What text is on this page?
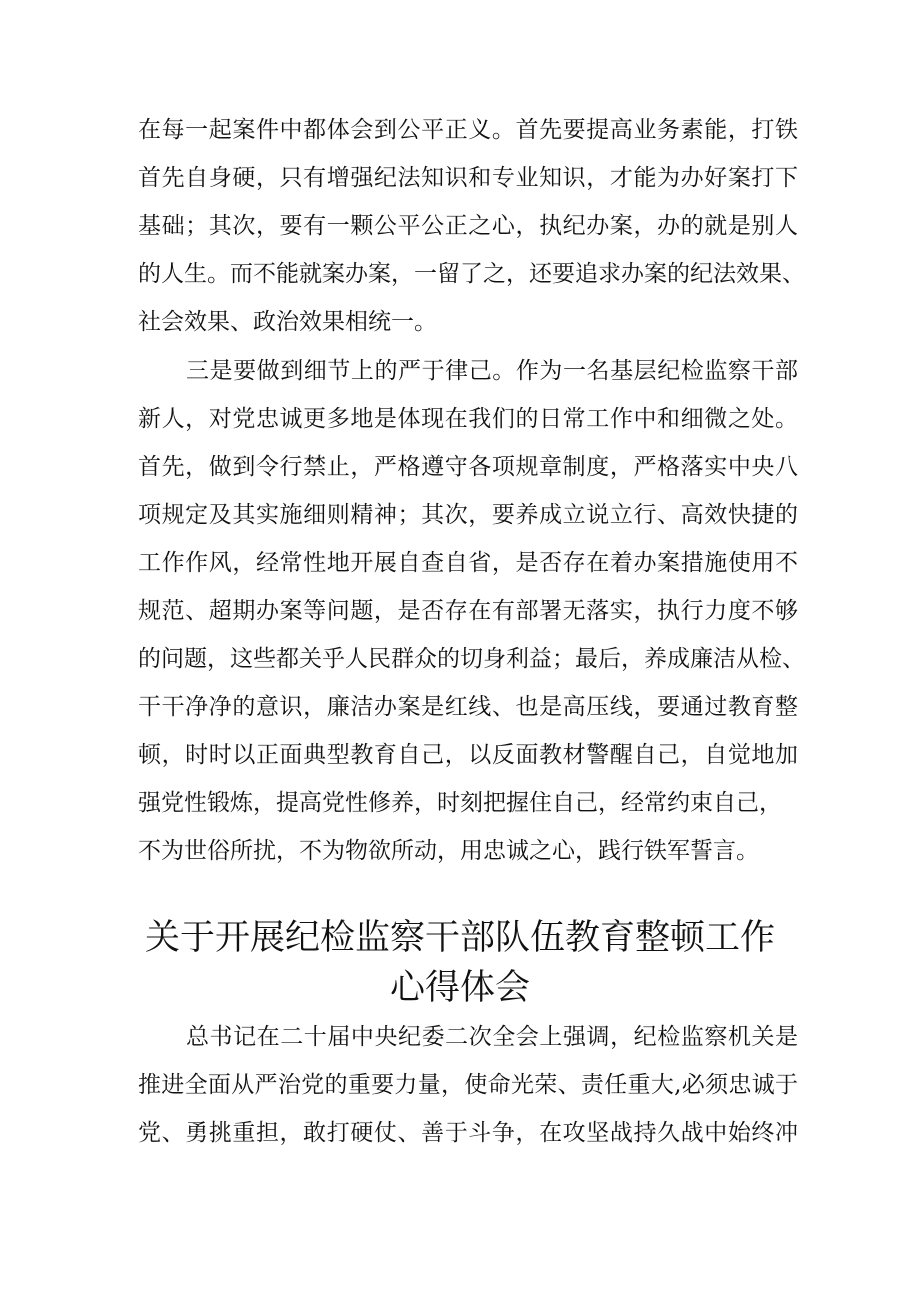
在每一起案件中都体会到公平正义。首先要提高业务素能，打铁
首先自身硬，只有增强纪法知识和专业知识，才能为办好案打下
基础；其次，要有一颗公平公正之心，执纪办案，办的就是别人
的人生。而不能就案办案，一留了之，还要追求办案的纪法效果、
社会效果、政治效果相统一。
三是要做到细节上的严于律己。作为一名基层纪检监察干部
新人，对党忠诚更多地是体现在我们的日常工作中和细微之处。
首先，做到令行禁止，严格遵守各项规章制度，严格落实中央八
项规定及其实施细则精神；其次，要养成立说立行、高效快捷的
工作作风，经常性地开展自查自省，是否存在着办案措施使用不
规范、超期办案等问题，是否存在有部署无落实，执行力度不够
的问题，这些都关乎人民群众的切身利益；最后，养成廉洁从检、
干干净净的意识，廉洁办案是红线、也是高压线，要通过教育整
顿，时时以正面典型教育自己，以反面教材警醒自己，自觉地加
强党性锻炼，提高党性修养，时刻把握住自己，经常约束自己，
不为世俗所扰，不为物欲所动，用忠诚之心，践行铁军誓言。
关于开展纪检监察干部队伍教育整顿工作
心得体会
总书记在二十届中央纪委二次全会上强调，纪检监察机关是
推进全面从严治党的重要力量，使命光荣、责任重大,必须忠诚于
党、勇挑重担，敢打硬仗、善于斗争，在攻坚战持久战中始终冲
